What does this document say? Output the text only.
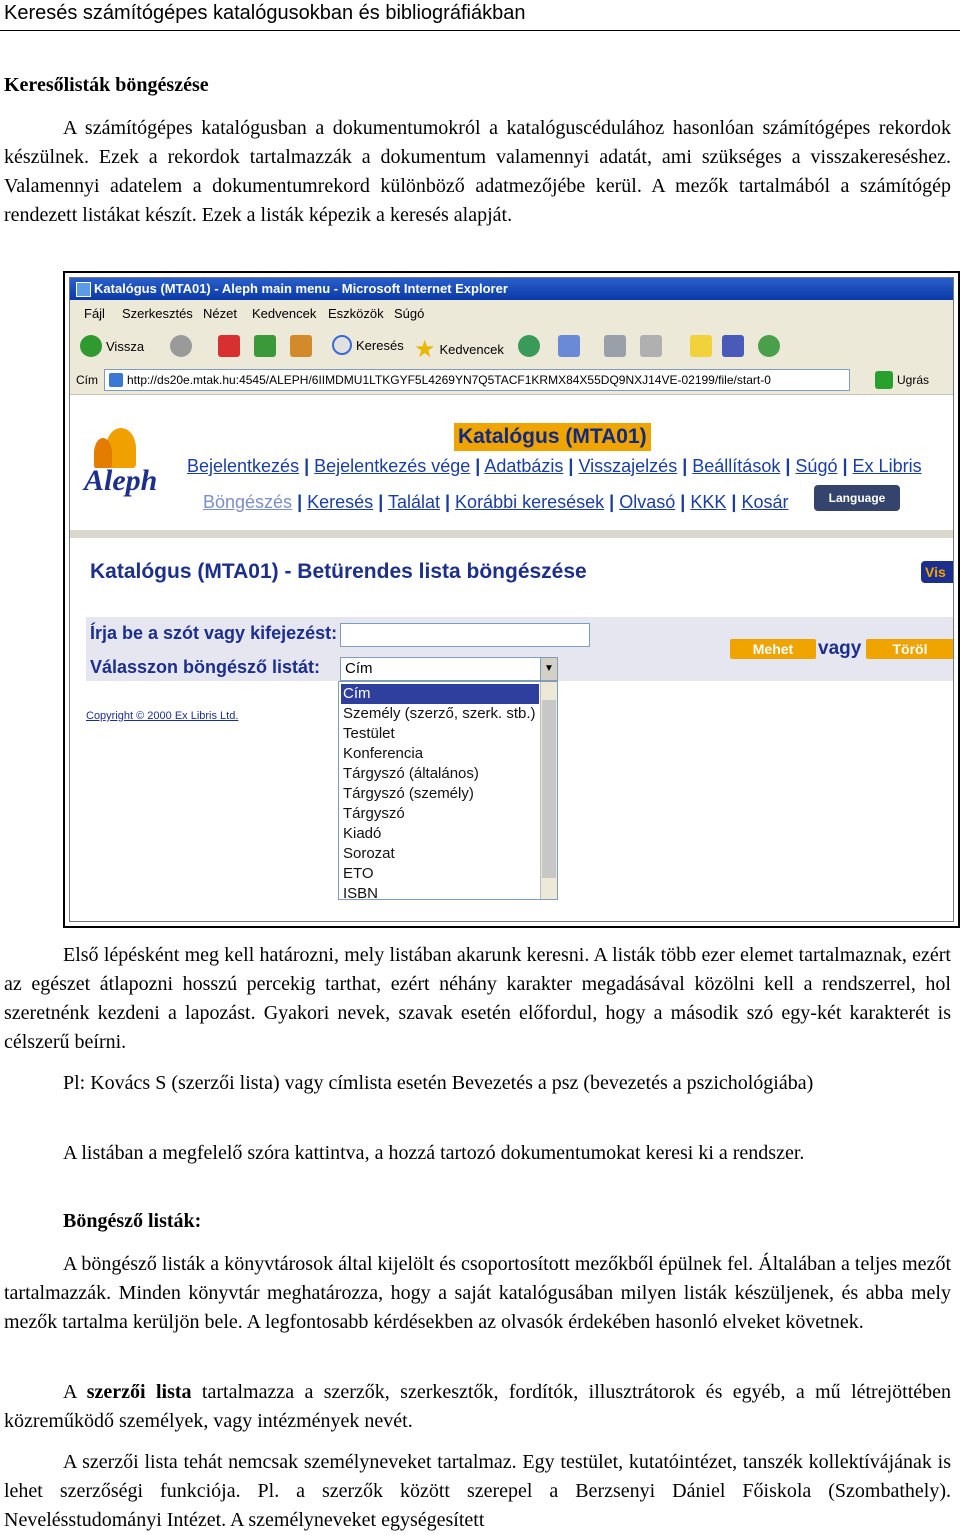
Keresés számítógépes katalógusokban és bibliográfiákban
Keresőlisták böngészése

A számítógépes katalógusban a dokumentumokról a katalóguscédulához hasonlóan számítógépes rekordok készülnek. Ezek a rekordok tartalmazzák a dokumentum valamennyi adatát, ami szükséges a visszakereséshez. Valamennyi adatelem a dokumentumrekord különböző adatmezőjébe kerül. A mezők tartalmából a számítógép rendezett listákat készít. Ezek a listák képezik a keresés alapját.

Katalógus (MTA01) - Aleph main menu - Microsoft Internet Explorer
Fájl Szerkesztés Nézet Kedvencek Eszközök Súgó
Vissza	Keresés ★ Kedvencek
Cím http://ds20e.mtak.hu:4545/ALEPH/6IIMDMU1LTKGYF5L4269YN7Q5TACF1KRMX84X55DQ9NXJ14VE-02199/file/start-0	Ugrás
Aleph
Katalógus (MTA01)
Bejelentkezés | Bejelentkezés vége | Adatbázis | Visszajelzés | Beállítások | Súgó | Ex Libris
Böngészés | Keresés | Találat | Korábbi keresések | Olvasó | KKK | Kosár	Language
Katalógus (MTA01) - Betürendes lista böngészése	Vis
Írja be a szót vagy kifejezést:
Válasszon böngésző listát: Cím	▼
Mehet	vagy	Töröl
Copyright © 2000 Ex Libris Ltd.
Cím
Személy (szerző, szerk. stb.)
Testület
Konferencia
Tárgyszó (általános)
Tárgyszó (személy)
Tárgyszó
Kiadó
Sorozat
ETO
ISBN

Első lépésként meg kell határozni, mely listában akarunk keresni. A listák több ezer elemet tartalmaznak, ezért az egészet átlapozni hosszú percekig tarthat, ezért néhány karakter megadásával közölni kell a rendszerrel, hol szeretnénk kezdeni a lapozást. Gyakori nevek, szavak esetén előfordul, hogy a második szó egy-két karakterét is célszerű beírni.

Pl: Kovács S (szerzői lista) vagy címlista esetén Bevezetés a psz (bevezetés a pszichológiába)

A listában a megfelelő szóra kattintva, a hozzá tartozó dokumentumokat keresi ki a rendszer.

Böngésző listák:

A böngésző listák a könyvtárosok által kijelölt és csoportosított mezőkből épülnek fel. Általában a teljes mezőt tartalmazzák. Minden könyvtár meghatározza, hogy a saját katalógusában milyen listák készüljenek, és abba mely mezők tartalma kerüljön bele. A legfontosabb kérdésekben az olvasók érdekében hasonló elveket követnek.

A szerzői lista tartalmazza a szerzők, szerkesztők, fordítók, illusztrátorok és egyéb, a mű létrejöttében közreműködő személyek, vagy intézmények nevét.

A szerzői lista tehát nemcsak személyneveket tartalmaz. Egy testület, kutatóintézet, tanszék kollektívájának is lehet szerzőségi funkciója. Pl. a szerzők között szerepel a Berzsenyi Dániel Főiskola (Szombathely). Nevelésstudományi Intézet. A személyneveket egységesített
